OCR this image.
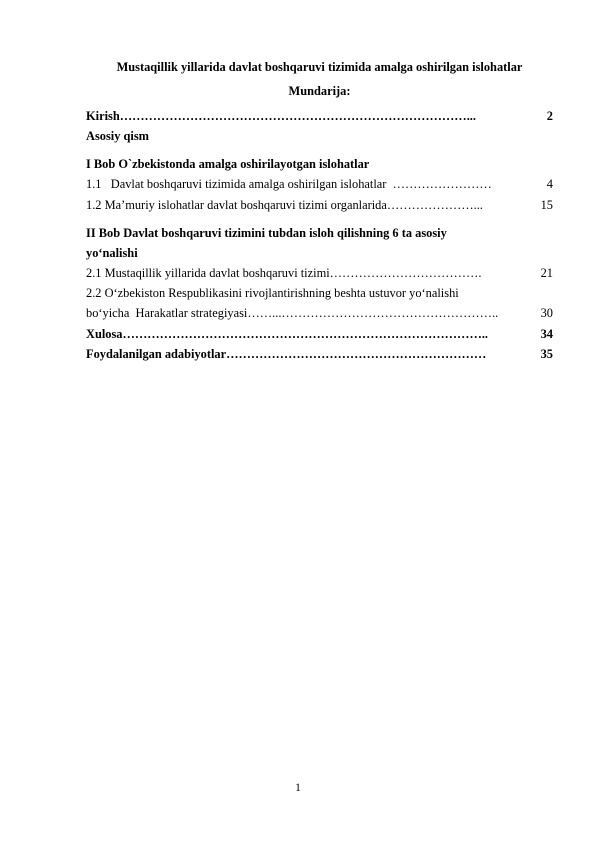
Mustaqillik yillarida davlat boshqaruvi tizimida amalga oshirilgan islohatlar
Mundarija:
Kirish …………………………………………………………………………...	2
Asosiy qism
I Bob O`zbekistonda amalga oshirilayotgan islohatlar
1.1   Davlat boshqaruvi tizimida amalga oshirilgan islohatlar ……………………	4
1.2 Ma’muriy islohatlar davlat boshqaruvi tizimi organlarida …………………...	15
II Bob Davlat boshqaruvi tizimini tubdan isloh qilishning 6 ta asosiy
yo‘nalishi
2.1 Mustaqillik yillarida davlat boshqaruvi tizimi ……………………………….	21
2.2 O‘zbekiston Respublikasini rivojlantirishning beshta ustuvor yo‘nalishi
bo‘yicha  Harakatlar strategiyasi ……...……………………………………………..	30
Xulosa ……………………………………………………………………………..	34
Foydalanilgan adabiyotlar ………………………………………………………	35
1
